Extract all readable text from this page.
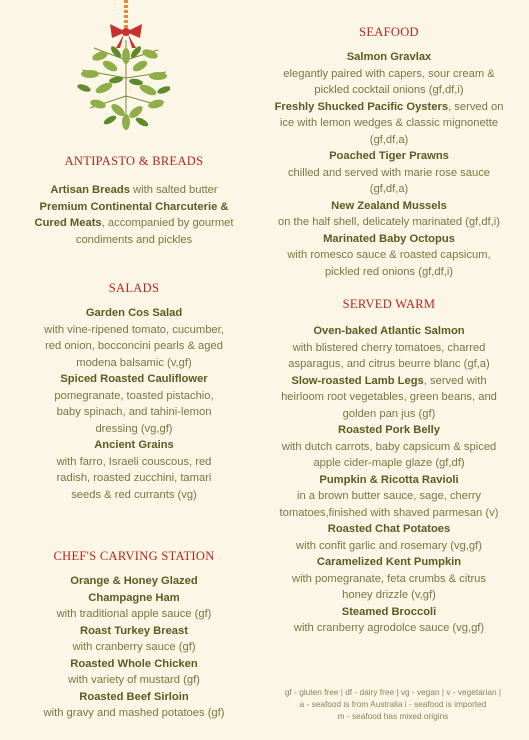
ANTIPASTO & BREADS
Artisan Breads with salted butter
Premium Continental Charcuterie & Cured Meats, accompanied by gourmet condiments and pickles
SALADS
Garden Cos Salad
with vine-ripened tomato, cucumber, red onion, bocconcini pearls & aged modena balsamic (v,gf)
Spiced Roasted Cauliflower
pomegranate, toasted pistachio, baby spinach, and tahini-lemon dressing (vg,gf)
Ancient Grains
with farro, Israeli couscous, red radish, roasted zucchini, tamari seeds & red currants (vg)
CHEF'S CARVING STATION
Orange & Honey Glazed Champagne Ham
with traditional apple sauce (gf)
Roast Turkey Breast
with cranberry sauce (gf)
Roasted Whole Chicken
with variety of mustard (gf)
Roasted Beef Sirloin
with gravy and mashed potatoes (gf)
SEAFOOD
Salmon Gravlax
elegantly paired with capers, sour cream & pickled cocktail onions (gf,df,i)
Freshly Shucked Pacific Oysters, served on ice with lemon wedges & classic mignonette (gf,df,a)
Poached Tiger Prawns
chilled and served with marie rose sauce (gf,df,a)
New Zealand Mussels
on the half shell, delicately marinated (gf,df,i)
Marinated Baby Octopus
with romesco sauce & roasted capsicum, pickled red onions (gf,df,i)
SERVED WARM
Oven-baked Atlantic Salmon
with blistered cherry tomatoes, charred asparagus, and citrus beurre blanc (gf,a)
Slow-roasted Lamb Legs, served with heirloom root vegetables, green beans, and golden pan jus (gf)
Roasted Pork Belly
with dutch carrots, baby capsicum & spiced apple cider-maple glaze (gf,df)
Pumpkin & Ricotta Ravioli
in a brown butter sauce, sage, cherry tomatoes,finished with shaved parmesan (v)
Roasted Chat Potatoes
with confit garlic and rosemary (vg,gf)
Caramelized Kent Pumpkin
with pomegranate, feta crumbs & citrus honey drizzle (v,gf)
Steamed Broccoli
with cranberry agrodolce sauce (vg,gf)
gf - gluten free | df - dairy free | vg - vegan | v - vegetarian |
a - seafood is from Australia i - seafood is imported
m - seafood has mixed origins
